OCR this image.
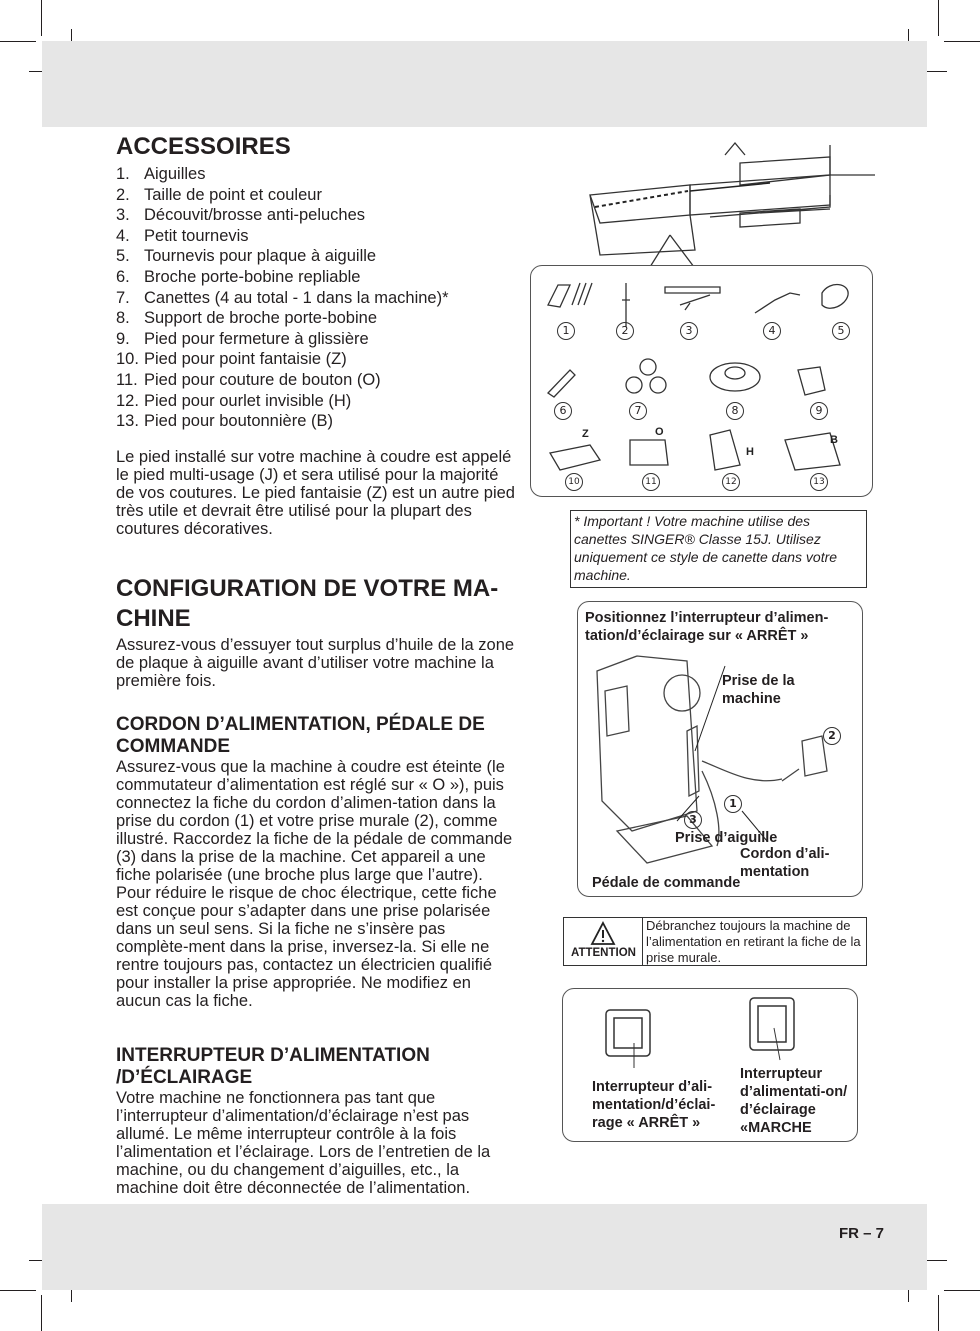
FR – 7
ACCESSOIRES
1. Aiguilles
2. Taille de point et couleur
3. Découvit/brosse anti-peluches
4. Petit tournevis
5. Tournevis pour plaque à aiguille
6. Broche porte-bobine repliable
7. Canettes (4 au total - 1 dans la machine)*
8. Support de broche porte-bobine
9. Pied pour fermeture à glissière
10. Pied pour point fantaisie (Z)
11. Pied pour couture de bouton (O)
12. Pied pour ourlet invisible (H)
13. Pied pour boutonnière (B)
Le pied installé sur votre machine à coudre est appelé le pied multi-usage (J) et sera utilisé pour la majorité de vos coutures. Le pied fantaisie (Z) est un autre pied très utile et devrait être utilisé pour la plupart des coutures décoratives.
CONFIGURATION DE VOTRE MA-CHINE
Assurez-vous d’essuyer tout surplus d’huile de la zone de plaque à aiguille avant d’utiliser votre machine la première fois.
CORDON D’ALIMENTATION, PÉDALE DE COMMANDE
Assurez-vous que la machine à coudre est éteinte (le commutateur d’alimentation est réglé sur « O »), puis connectez la fiche du cordon d’alimen-tation dans la prise du cordon (1) et votre prise murale (2), comme illustré. Raccordez la fiche de la pédale de commande (3) dans la prise de la machine. Cet appareil a une fiche polarisée (une broche plus large que l’autre). Pour réduire le risque de choc électrique, cette fiche est conçue pour s’adapter dans une prise polarisée dans un seul sens. Si la fiche ne s’insère pas complète-ment dans la prise, inversez-la. Si elle ne rentre toujours pas, contactez un électricien qualifié pour installer la prise appropriée. Ne modifiez en aucun cas la fiche.
INTERRUPTEUR D’ALIMENTATION /D’ÉCLAIRAGE
Votre machine ne fonctionnera pas tant que l’interrupteur d’alimentation/d’éclairage n’est pas allumé. Le même interrupteur contrôle à la fois l’alimentation et l’éclairage. Lors de l’entretien de la machine, ou du changement d’aiguilles, etc., la machine doit être déconnectée de l’alimentation.
Z	O
H
B
1	2	3	4	5
6	7	8	9
10	11	12	13
* Important ! Votre machine utilise des canettes SINGER® Classe 15J. Utilisez uniquement ce style de canette dans votre machine.
Positionnez l’interrupteur d’alimen-tation/d’éclairage sur « ARRÊT »
Prise de la machine
Prise d’aiguille
Cordon d’ali-mentation
Pédale de commande
1
2
3
ATTENTION
Débranchez toujours la machine de l’alimentation en retirant la fiche de la prise murale.
Interrupteur d’ali-mentation/d’éclai-rage « ARRÊT »
Interrupteur d’alimentati-on/ d’éclairage «MARCHE
